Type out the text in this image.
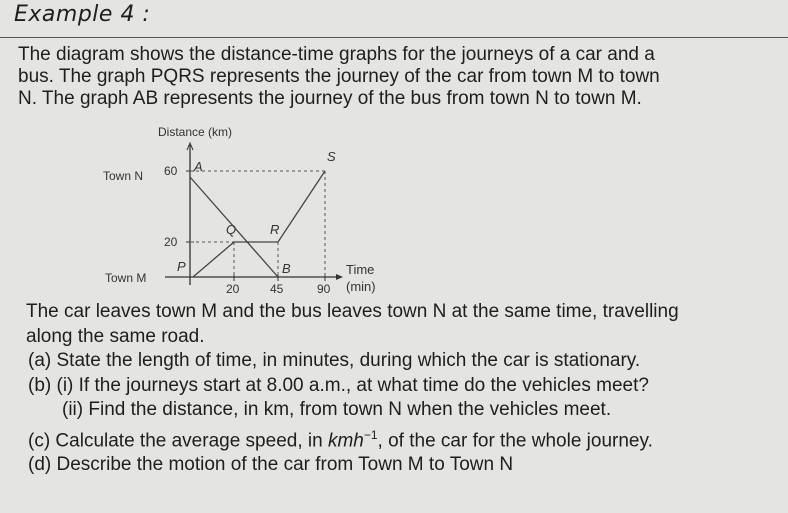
Example 4 :
The diagram shows the distance-time graphs for the journeys of a car and a
bus. The graph PQRS represents the journey of the car from town M to town
N. The graph AB represents the journey of the bus from town N to town M.
Distance (km)
Time
(min)
Town N
Town M
20
60
20	45	90
P
Q	R
S
A
B
The car leaves town M and the bus leaves town N at the same time, travelling
along the same road.
(a) State the length of time, in minutes, during which the car is stationary.
(b) (i) If the journeys start at 8.00 a.m., at what time do the vehicles meet?
(ii) Find the distance, in km, from town N when the vehicles meet.
(c) Calculate the average speed, in kmh$^{-1}$, of the car for the whole journey.
(d) Describe the motion of the car from Town M to Town N
